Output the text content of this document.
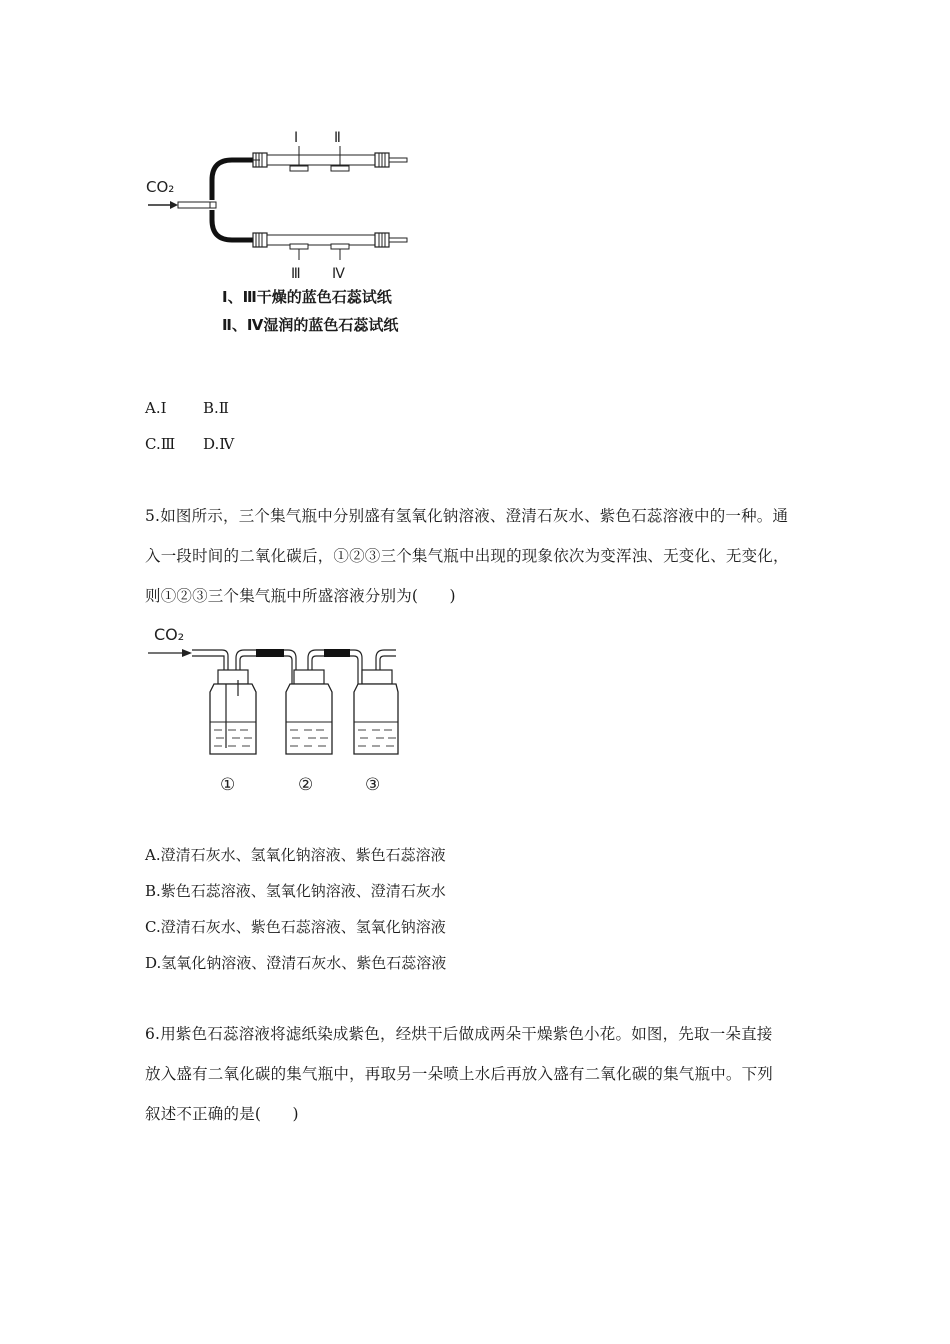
CO₂
Ⅰ	Ⅱ
Ⅲ Ⅳ
Ⅰ、Ⅲ干燥的蓝色石蕊试纸
Ⅱ、Ⅳ湿润的蓝色石蕊试纸
A.Ⅰ B.Ⅱ
C.Ⅲ D.Ⅳ
5.如图所示，三个集气瓶中分别盛有氢氧化钠溶液、澄清石灰水、紫色石蕊溶液中的一种。通
入一段时间的二氧化碳后，①②③三个集气瓶中出现的现象依次为变浑浊、无变化、无变化，
则①②③三个集气瓶中所盛溶液分别为(　　)
CO₂
①	②	③
A.澄清石灰水、氢氧化钠溶液、紫色石蕊溶液
B.紫色石蕊溶液、氢氧化钠溶液、澄清石灰水
C.澄清石灰水、紫色石蕊溶液、氢氧化钠溶液
D.氢氧化钠溶液、澄清石灰水、紫色石蕊溶液
6.用紫色石蕊溶液将滤纸染成紫色，经烘干后做成两朵干燥紫色小花。如图，先取一朵直接
放入盛有二氧化碳的集气瓶中，再取另一朵喷上水后再放入盛有二氧化碳的集气瓶中。下列
叙述不正确的是(　　)
